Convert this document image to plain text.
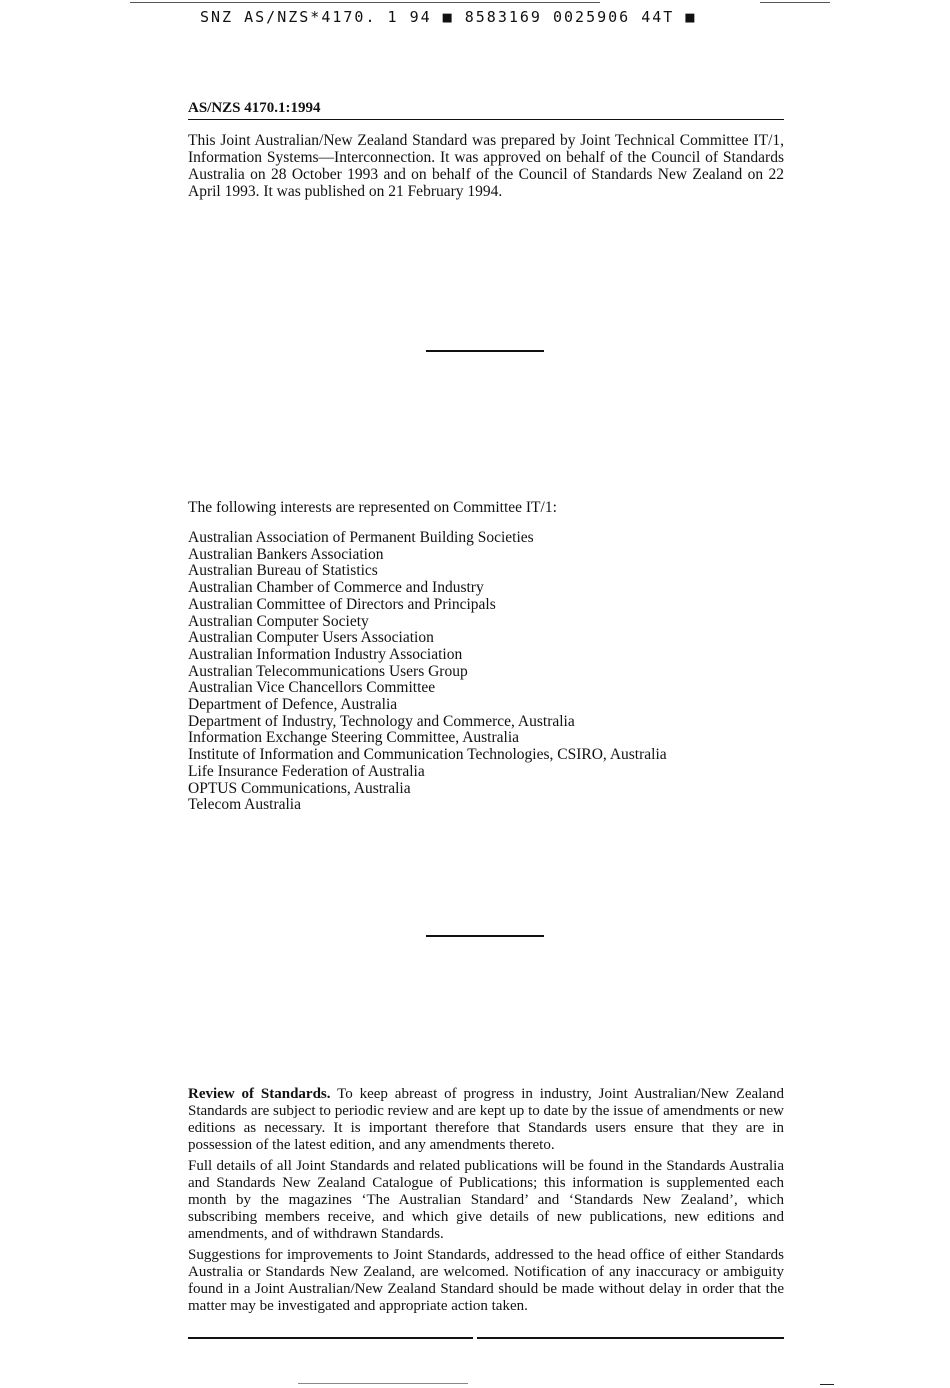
SNZ AS/NZS*4170. 1 94 ■ 8583169 0025906 44T ■
AS/NZS 4170.1:1994

This Joint Australian/New Zealand Standard was prepared by Joint Technical Committee IT/1, Information Systems—Interconnection. It was approved on behalf of the Council of Standards Australia on 28 October 1993 and on behalf of the Council of Standards New Zealand on 22 April 1993. It was published on 21 February 1994.

The following interests are represented on Committee IT/1:

Australian Association of Permanent Building Societies
Australian Bankers Association
Australian Bureau of Statistics
Australian Chamber of Commerce and Industry
Australian Committee of Directors and Principals
Australian Computer Society
Australian Computer Users Association
Australian Information Industry Association
Australian Telecommunications Users Group
Australian Vice Chancellors Committee
Department of Defence, Australia
Department of Industry, Technology and Commerce, Australia
Information Exchange Steering Committee, Australia
Institute of Information and Communication Technologies, CSIRO, Australia
Life Insurance Federation of Australia
OPTUS Communications, Australia
Telecom Australia

Review of Standards. To keep abreast of progress in industry, Joint Australian/New Zealand Standards are subject to periodic review and are kept up to date by the issue of amendments or new editions as necessary. It is important therefore that Standards users ensure that they are in possession of the latest edition, and any amendments thereto.

Full details of all Joint Standards and related publications will be found in the Standards Australia and Standards New Zealand Catalogue of Publications; this information is supplemented each month by the magazines ‘The Australian Standard’ and ‘Standards New Zealand’, which subscribing members receive, and which give details of new publications, new editions and amendments, and of withdrawn Standards.

Suggestions for improvements to Joint Standards, addressed to the head office of either Standards Australia or Standards New Zealand, are welcomed. Notification of any inaccuracy or ambiguity found in a Joint Australian/New Zealand Standard should be made without delay in order that the matter may be investigated and appropriate action taken.
